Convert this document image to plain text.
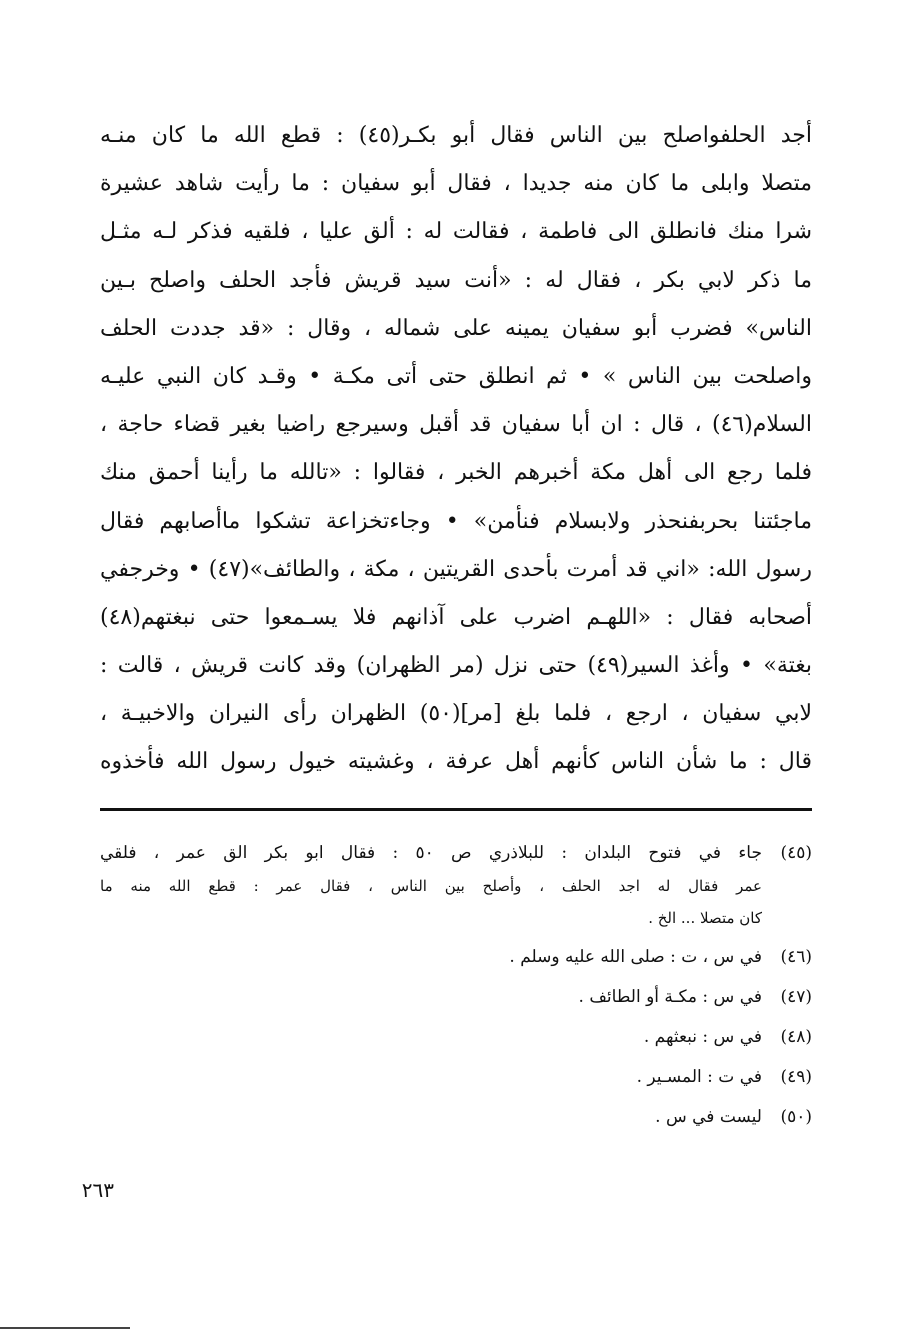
أجد الحلفواصلح بين الناس فقال أبو بكـر(٤٥) : قطع الله ما كان منـه
متصلا وابلى ما كان منه جديدا ، فقال أبو سفيان : ما رأيت شاهد عشيرة
شرا منك فانطلق الى فاطمة ، فقالت له : ألق عليا ، فلقيه فذكر لـه مثـل
ما ذكر لابي بكر ، فقال له : «أنت سيد قريش فأجد الحلف واصلح بـين
الناس» فضرب أبو سفيان يمينه على شماله ، وقال : «قد جددت الحلف
واصلحت بين الناس » • ثم انطلق حتى أتى مكـة • وقـد كان النبي عليـه
السلام(٤٦) ، قال : ان أبا سفيان قد أقبل وسيرجع راضيا بغير قضاء حاجة ،
فلما رجع الى أهل مكة أخبرهم الخبر ، فقالوا : «تالله ما رأينا أحمق منك
ماجئتنا بحربفنحذر ولابسلام فنأمن» • وجاءتخزاعة تشكوا ماأصابهم فقال
رسول الله: «اني قد أمرت بأحدى القريتين ، مكة ، والطائف»(٤٧) • وخرجفي
أصحابه فقال : «اللهـم اضرب على آذانهم فلا يسـمعوا حتى نبغتهم(٤٨)
بغتة» • وأغذ السير(٤٩) حتى نزل (مر الظهران) وقد كانت قريش ، قالت :
لابي سفيان ، ارجع ، فلما بلغ [مر](٥٠) الظهران رأى النيران والاخبيـة ،
قال : ما شأن الناس كأنهم أهل عرفة ، وغشيته خيول رسول الله فأخذوه
(٤٥)
جاء في فتوح البلدان : للبلاذري ص ٥٠ : فقال ابو بكر الق عمر ، فلقي
عمر فقال له اجد الحلف ، وأصلح بين الناس ، فقال عمر : قطع الله منه ما
كان متصلا ... الخ .
(٤٦)
في س ، ت : صلى الله عليه وسلم .
(٤٧)
في س : مكـة أو الطائف .
(٤٨)
في س : نبعثهم .
(٤٩)
في ت : المسـير .
(٥٠)
ليست في س .
٢٦٣
